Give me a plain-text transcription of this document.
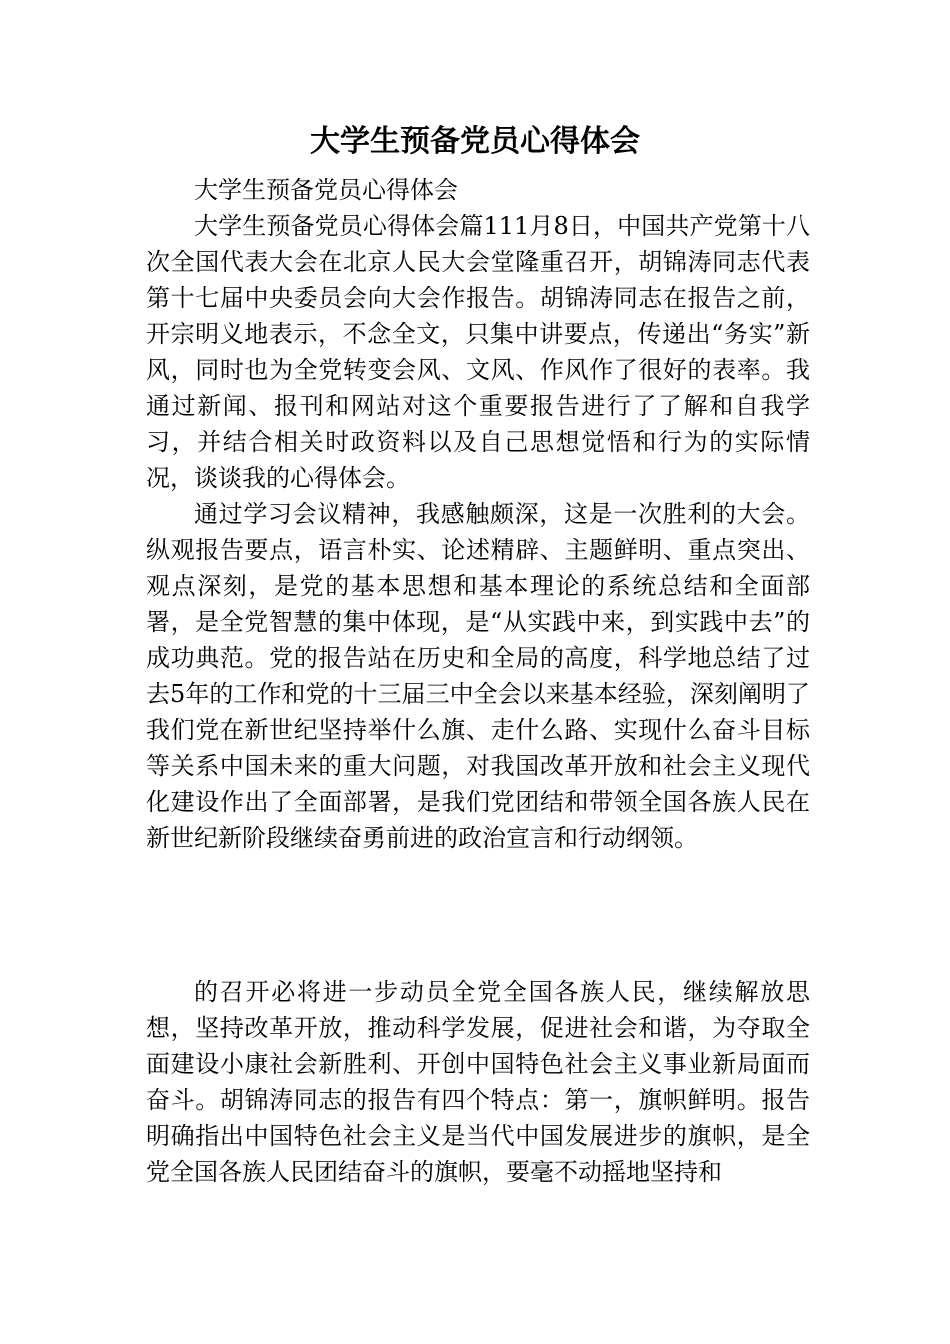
大学生预备党员心得体会

大学生预备党员心得体会

大学生预备党员心得体会篇111月8日，中国共产党第十八次全国代表大会在北京人民大会堂隆重召开，胡锦涛同志代表第十七届中央委员会向大会作报告。胡锦涛同志在报告之前，开宗明义地表示，不念全文，只集中讲要点，传递出“务实”新风，同时也为全党转变会风、文风、作风作了很好的表率。我通过新闻、报刊和网站对这个重要报告进行了了解和自我学习，并结合相关时政资料以及自己思想觉悟和行为的实际情况，谈谈我的心得体会。

通过学习会议精神，我感触颇深，这是一次胜利的大会。纵观报告要点，语言朴实、论述精辟、主题鲜明、重点突出、观点深刻，是党的基本思想和基本理论的系统总结和全面部署，是全党智慧的集中体现，是“从实践中来，到实践中去”的成功典范。党的报告站在历史和全局的高度，科学地总结了过去5年的工作和党的十三届三中全会以来基本经验，深刻阐明了我们党在新世纪坚持举什么旗、走什么路、实现什么奋斗目标等关系中国未来的重大问题，对我国改革开放和社会主义现代化建设作出了全面部署，是我们党团结和带领全国各族人民在新世纪新阶段继续奋勇前进的政治宣言和行动纲领。

的召开必将进一步动员全党全国各族人民，继续解放思想，坚持改革开放，推动科学发展，促进社会和谐，为夺取全面建设小康社会新胜利、开创中国特色社会主义事业新局面而奋斗。胡锦涛同志的报告有四个特点：第一，旗帜鲜明。报告明确指出中国特色社会主义是当代中国发展进步的旗帜，是全党全国各族人民团结奋斗的旗帜，要毫不动摇地坚持和
